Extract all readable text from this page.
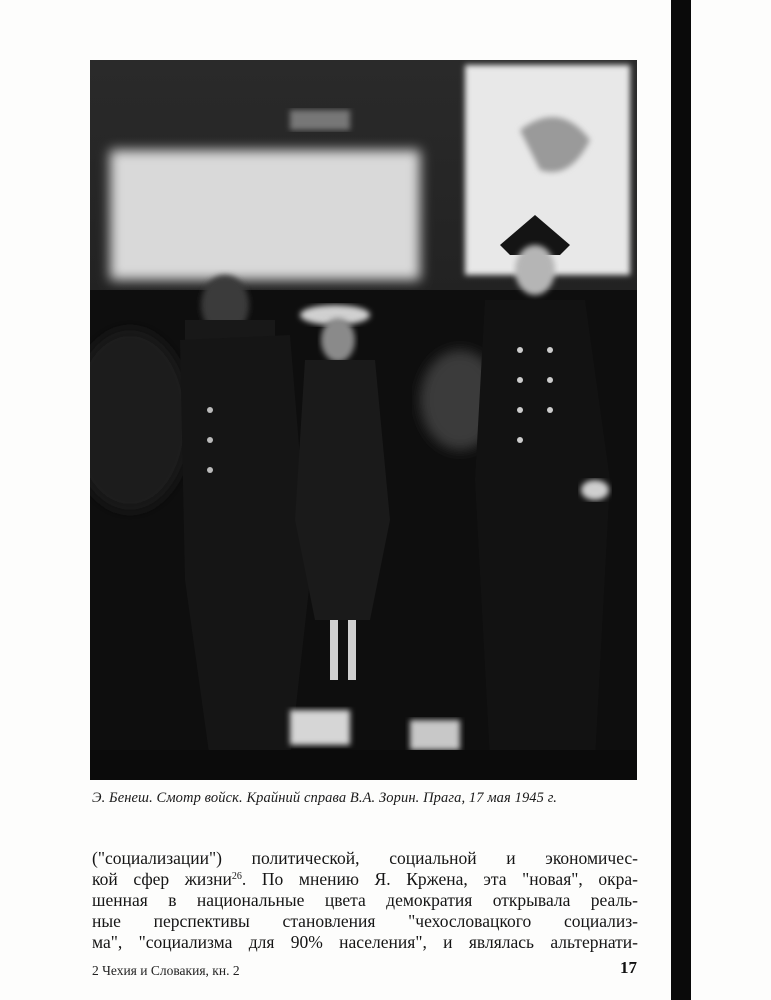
Э. Бенеш. Смотр войск. Крайний справа В.А. Зорин. Прага, 17 мая 1945 г.
("социализации") политической, социальной и экономичес-
кой сфер жизни$^{26}$. По мнению Я. Кржена, эта "новая", окра-
шенная в национальные цвета демократия открывала реаль-
ные перспективы становления "чехословацкого социализ-
ма", "социализма для 90% населения", и являлась альтернати-
2 Чехия и Словакия, кн. 2	17
